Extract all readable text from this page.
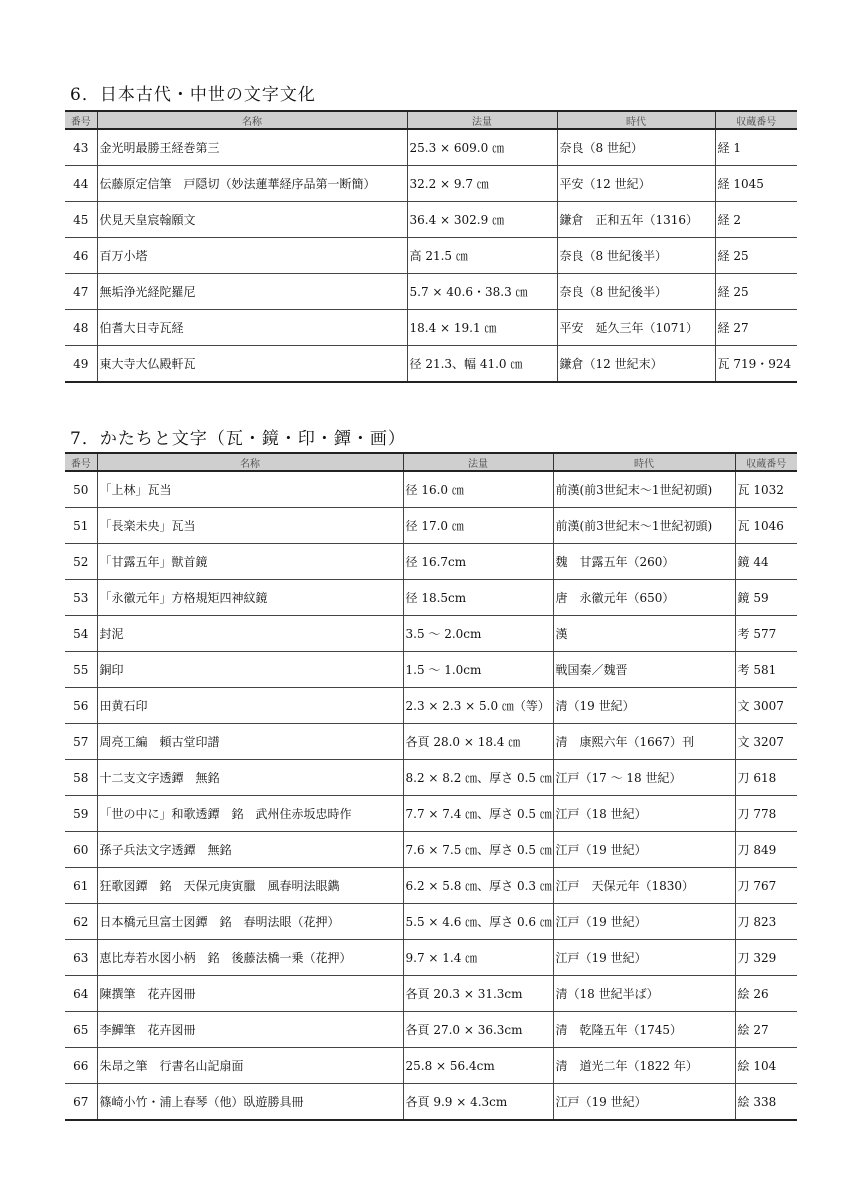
6．日本古代・中世の文字文化
番号	名称	法量	時代	収蔵番号
43	金光明最勝王経巻第三	25.3 × 609.0 ㎝	奈良（8 世紀）	経 1
44	伝藤原定信筆　戸隠切（妙法蓮華経序品第一断簡）	32.2 × 9.7 ㎝	平安（12 世紀）	経 1045
45	伏見天皇宸翰願文	36.4 × 302.9 ㎝	鎌倉　正和五年（1316）	経 2
46	百万小塔	高 21.5 ㎝	奈良（8 世紀後半）	経 25
47	無垢浄光経陀羅尼	5.7 × 40.6・38.3 ㎝	奈良（8 世紀後半）	経 25
48	伯耆大日寺瓦経	18.4 × 19.1 ㎝	平安　延久三年（1071）	経 27
49	東大寺大仏殿軒瓦	径 21.3、幅 41.0 ㎝	鎌倉（12 世紀末）	瓦 719・924
7．かたちと文字（瓦・鏡・印・鐔・画）
番号	名称	法量	時代	収蔵番号
50	「上林」瓦当	径 16.0 ㎝	前漢(前3世紀末～1世紀初頭)	瓦 1032
51	「長楽未央」瓦当	径 17.0 ㎝	前漢(前3世紀末～1世紀初頭)	瓦 1046
52	「甘露五年」獣首鏡	径 16.7cm	魏　甘露五年（260）	鏡 44
53	「永徽元年」方格規矩四神紋鏡	径 18.5cm	唐　永徽元年（650）	鏡 59
54	封泥	3.5 ～ 2.0cm	漢	考 577
55	銅印	1.5 ～ 1.0cm	戦国秦／魏晋	考 581
56	田黄石印	2.3 × 2.3 × 5.0 ㎝（等）	清（19 世紀）	文 3007
57	周亮工編　頼古堂印譜	各頁 28.0 × 18.4 ㎝	清　康熙六年（1667）刊	文 3207
58	十二支文字透鐔　無銘	8.2 × 8.2 ㎝、厚さ 0.5 ㎝	江戸（17 ～ 18 世紀）	刀 618
59	「世の中に」和歌透鐔　銘　武州住赤坂忠時作	7.7 × 7.4 ㎝、厚さ 0.5 ㎝	江戸（18 世紀）	刀 778
60	孫子兵法文字透鐔　無銘	7.6 × 7.5 ㎝、厚さ 0.5 ㎝	江戸（19 世紀）	刀 849
61	狂歌図鐔　銘　天保元庚寅臘　風春明法眼鐫	6.2 × 5.8 ㎝、厚さ 0.3 ㎝	江戸　天保元年（1830）	刀 767
62	日本橋元旦富士図鐔　銘　春明法眼（花押）	5.5 × 4.6 ㎝、厚さ 0.6 ㎝	江戸（19 世紀）	刀 823
63	恵比寿若水図小柄　銘　後藤法橋一乗（花押）	9.7 × 1.4 ㎝	江戸（19 世紀）	刀 329
64	陳撰筆　花卉図冊	各頁 20.3 × 31.3cm	清（18 世紀半ば）	絵 26
65	李鱓筆　花卉図冊	各頁 27.0 × 36.3cm	清　乾隆五年（1745）	絵 27
66	朱昂之筆　行書名山記扇面	25.8 × 56.4cm	清　道光二年（1822 年）	絵 104
67	篠崎小竹・浦上春琴（他）臥遊勝具冊	各頁 9.9 × 4.3cm	江戸（19 世紀）	絵 338
